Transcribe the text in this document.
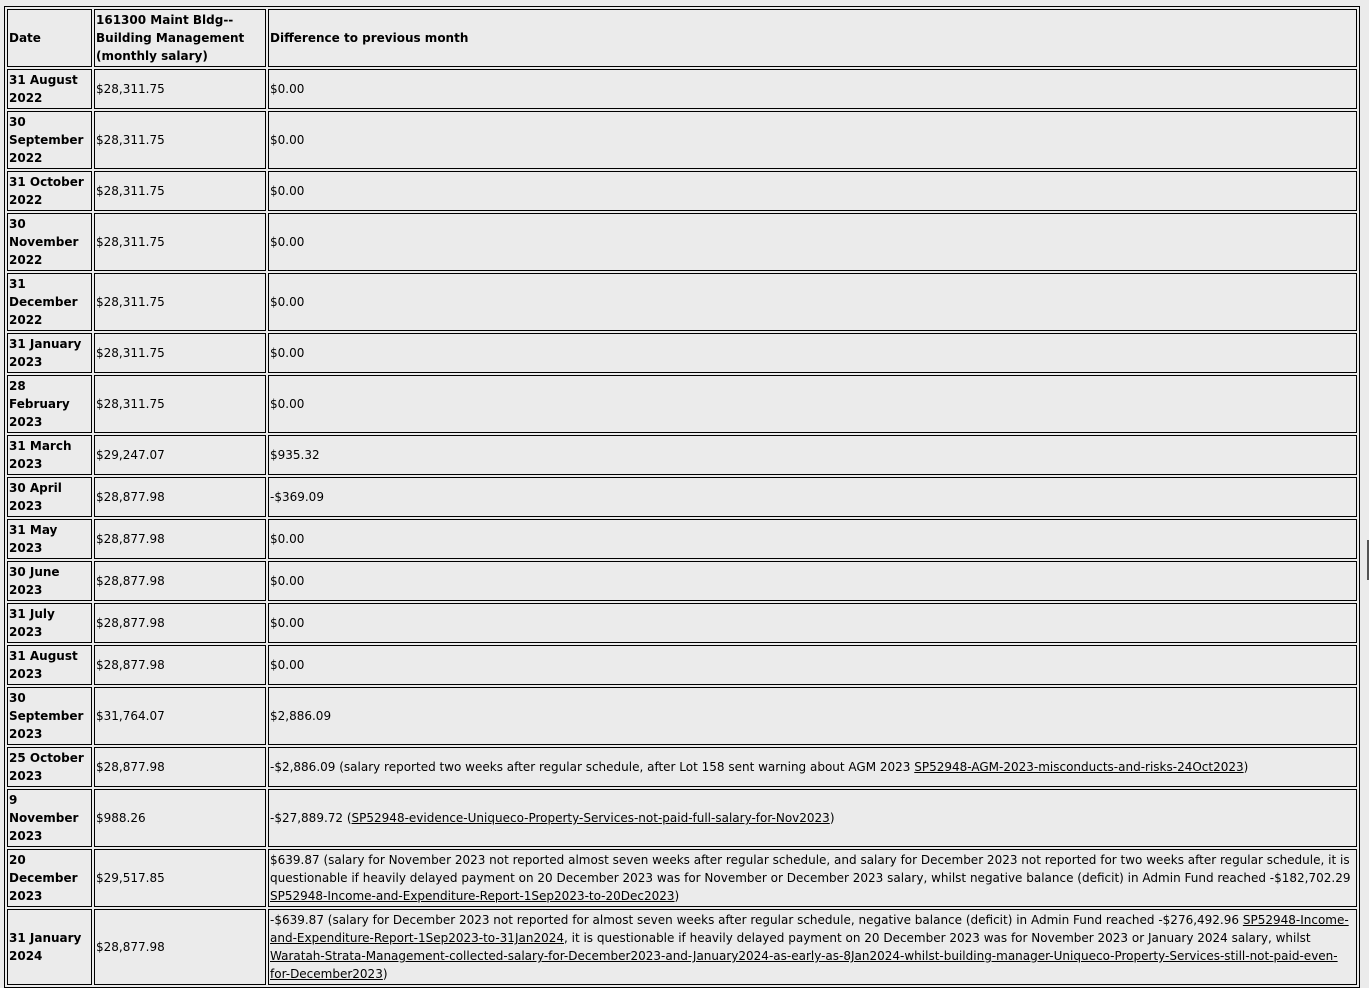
Date	161300 Maint Bldg--Building Management (monthly salary)	Difference to previous month
31 August 2022	$28,311.75	$0.00
30 September 2022	$28,311.75	$0.00
31 October 2022	$28,311.75	$0.00
30 November 2022	$28,311.75	$0.00
31 December 2022	$28,311.75	$0.00
31 January 2023	$28,311.75	$0.00
28 February 2023	$28,311.75	$0.00
31 March 2023	$29,247.07	$935.32
30 April 2023	$28,877.98	-$369.09
31 May 2023	$28,877.98	$0.00
30 June 2023	$28,877.98	$0.00
31 July 2023	$28,877.98	$0.00
31 August 2023	$28,877.98	$0.00
30 September 2023	$31,764.07	$2,886.09
25 October 2023	$28,877.98	-$2,886.09 (salary reported two weeks after regular schedule, after Lot 158 sent warning about AGM 2023 SP52948-AGM-2023-misconducts-and-risks-24Oct2023)
9 November 2023	$988.26	-$27,889.72 (SP52948-evidence-Uniqueco-Property-Services-not-paid-full-salary-for-Nov2023)
20 December 2023	$29,517.85	$639.87 (salary for November 2023 not reported almost seven weeks after regular schedule, and salary for December 2023 not reported for two weeks after regular schedule, it is questionable if heavily delayed payment on 20 December 2023 was for November or December 2023 salary, whilst negative balance (deficit) in Admin Fund reached -$182,702.29 SP52948-Income-and-Expenditure-Report-1Sep2023-to-20Dec2023)
31 January 2024	$28,877.98	-$639.87 (salary for December 2023 not reported for almost seven weeks after regular schedule, negative balance (deficit) in Admin Fund reached -$276,492.96 SP52948-Income-and-Expenditure-Report-1Sep2023-to-31Jan2024, it is questionable if heavily delayed payment on 20 December 2023 was for November 2023 or January 2024 salary, whilst Waratah-Strata-Management-collected-salary-for-December2023-and-January2024-as-early-as-8Jan2024-whilst-building-manager-Uniqueco-Property-Services-still-not-paid-even-for-December2023)
